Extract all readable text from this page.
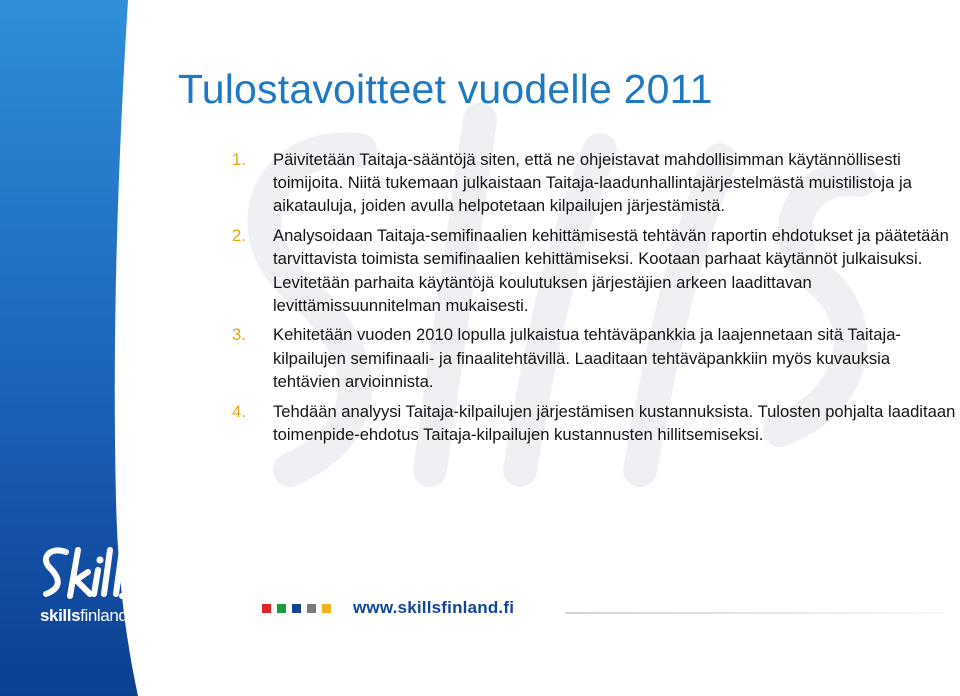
Tulostavoitteet vuodelle 2011
1.	Päivitetään Taitaja-sääntöjä siten, että ne ohjeistavat mahdollisimman käytännöllisesti toimijoita. Niitä tukemaan julkaistaan Taitaja-laadunhallintajärjestelmästä muistilistoja ja aikatauluja, joiden avulla helpotetaan kilpailujen järjestämistä.
2.	Analysoidaan Taitaja-semifinaalien kehittämisestä tehtävän raportin ehdotukset ja päätetään tarvittavista toimista semifinaalien kehittämiseksi. Kootaan parhaat käytännöt julkaisuksi. Levitetään parhaita käytäntöjä koulutuksen järjestäjien arkeen laadittavan levittämissuunnitelman mukaisesti.
3.	Kehitetään vuoden 2010 lopulla julkaistua tehtäväpankkia ja laajennetaan sitä Taitaja-kilpailujen semifinaali- ja finaalitehtävillä. Laaditaan tehtäväpankkiin myös kuvauksia tehtävien arvioinnista.
4.	Tehdään analyysi Taitaja-kilpailujen järjestämisen kustannuksista. Tulosten pohjalta laaditaan toimenpide-ehdotus Taitaja-kilpailujen kustannusten hillitsemiseksi.
skillsfinland	www.skillsfinland.fi
